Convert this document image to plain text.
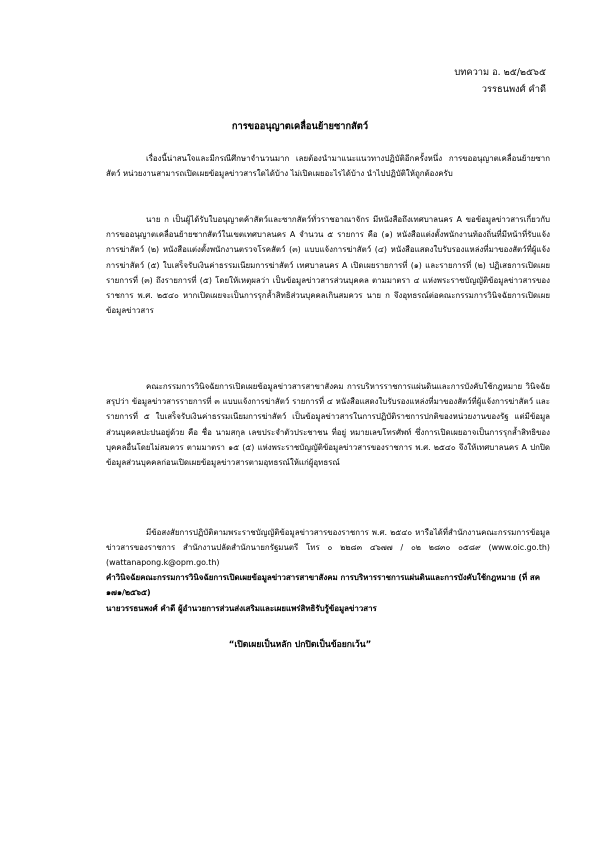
บทความ อ. ๒๕/๒๕๖๕
วรรธนพงศ์ คำดี
การขออนุญาตเคลื่อนย้ายซากสัตว์

เรื่องนี้น่าสนใจและมีกรณีศึกษาจำนวนมาก เลยต้องนำมาแนะแนวทางปฏิบัติอีกครั้งหนึ่ง การขออนุญาตเคลื่อนย้ายซากสัตว์ หน่วยงานสามารถเปิดเผยข้อมูลข่าวสารใดได้บ้าง ไม่เปิดเผยอะไรได้บ้าง นำไปปฏิบัติให้ถูกต้องครับ

นาย ก เป็นผู้ได้รับใบอนุญาตค้าสัตว์และซากสัตว์ทั่วราชอาณาจักร มีหนังสือถึงเทศบาลนคร A ขอข้อมูลข่าวสารเกี่ยวกับการขออนุญาตเคลื่อนย้ายซากสัตว์ในเขตเทศบาลนคร A จำนวน ๕ รายการ คือ (๑) หนังสือแต่งตั้งพนักงานท้องถิ่นที่มีหน้าที่รับแจ้งการฆ่าสัตว์ (๒) หนังสือแต่งตั้งพนักงานตรวจโรคสัตว์ (๓) แบบแจ้งการฆ่าสัตว์ (๔) หนังสือแสดงใบรับรองแหล่งที่มาของสัตว์ที่ผู้แจ้งการฆ่าสัตว์ (๕) ใบเสร็จรับเงินค่าธรรมเนียมการฆ่าสัตว์ เทศบาลนคร A เปิดเผยรายการที่ (๑) และรายการที่ (๒) ปฏิเสธการเปิดเผยรายการที่ (๓) ถึงรายการที่ (๕) โดยให้เหตุผลว่า เป็นข้อมูลข่าวสารส่วนบุคคล ตามมาตรา ๔ แห่งพระราชบัญญัติข้อมูลข่าวสารของราชการ พ.ศ. ๒๕๔๐ หากเปิดเผยจะเป็นการรุกล้ำสิทธิส่วนบุคคลเกินสมควร นาย ก จึงอุทธรณ์ต่อคณะกรรมการวินิจฉัยการเปิดเผยข้อมูลข่าวสาร

คณะกรรมการวินิจฉัยการเปิดเผยข้อมูลข่าวสารสาขาสังคม การบริหารราชการแผ่นดินและการบังคับใช้กฎหมาย วินิจฉัยสรุปว่า ข้อมูลข่าวสารรายการที่ ๓ แบบแจ้งการฆ่าสัตว์ รายการที่ ๔ หนังสือแสดงใบรับรองแหล่งที่มาของสัตว์ที่ผู้แจ้งการฆ่าสัตว์ และรายการที่ ๕ ใบเสร็จรับเงินค่าธรรมเนียมการฆ่าสัตว์ เป็นข้อมูลข่าวสารในการปฏิบัติราชการปกติของหน่วยงานของรัฐ แต่มีข้อมูลส่วนบุคคลปะปนอยู่ด้วย คือ ชื่อ นามสกุล เลขประจำตัวประชาชน ที่อยู่ หมายเลขโทรศัพท์ ซึ่งการเปิดเผยอาจเป็นการรุกล้ำสิทธิของบุคคลอื่นโดยไม่สมควร ตามมาตรา ๑๕ (๕) แห่งพระราชบัญญัติข้อมูลข่าวสารของราชการ พ.ศ. ๒๕๔๐ จึงให้เทศบาลนคร A ปกปิดข้อมูลส่วนบุคคลก่อนเปิดเผยข้อมูลข่าวสารตามอุทธรณ์ให้แก่ผู้อุทธรณ์

มีข้อสงสัยการปฏิบัติตามพระราชบัญญัติข้อมูลข่าวสารของราชการ พ.ศ. ๒๕๔๐ หารือได้ที่สำนักงานคณะกรรมการข้อมูลข่าวสารของราชการ สำนักงานปลัดสำนักนายกรัฐมนตรี โทร ๐ ๒๒๘๓ ๔๖๗๗ / ๐๒ ๒๘๓๐ ๐๕๘๙ (www.oic.go.th) (wattanapong.k@opm.go.th)

คำวินิจฉัยคณะกรรมการวินิจฉัยการเปิดเผยข้อมูลข่าวสารสาขาสังคม การบริหารราชการแผ่นดินและการบังคับใช้กฎหมาย (ที่ สค ๑๗๑/๒๕๖๕)
นายวรรธนพงศ์ คำดี ผู้อำนวยการส่วนส่งเสริมและเผยแพร่สิทธิรับรู้ข้อมูลข่าวสาร
“เปิดเผยเป็นหลัก ปกปิดเป็นข้อยกเว้น”
